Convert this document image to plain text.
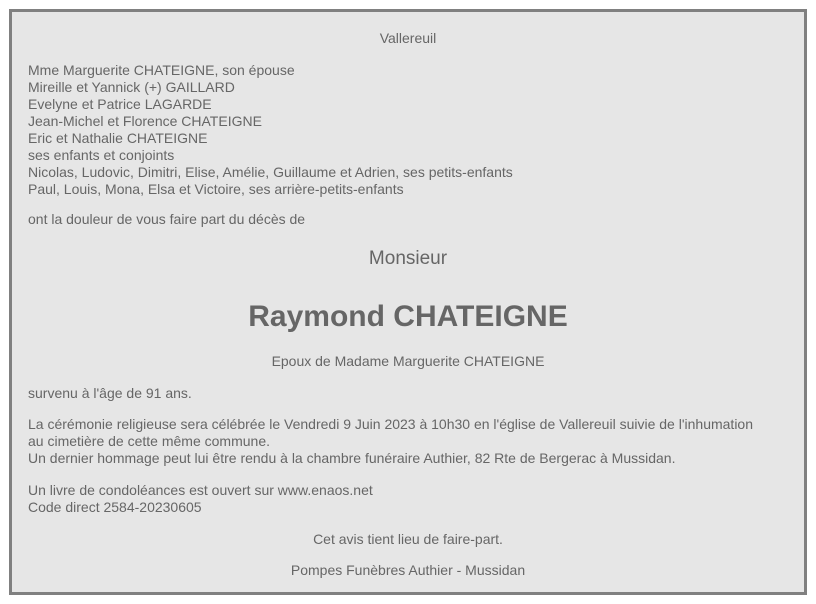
Vallereuil
Mme Marguerite CHATEIGNE, son épouse
Mireille et Yannick (+) GAILLARD
Evelyne et Patrice LAGARDE
Jean-Michel et Florence CHATEIGNE
Eric et Nathalie CHATEIGNE
ses enfants et conjoints
Nicolas, Ludovic, Dimitri, Elise, Amélie, Guillaume et Adrien, ses petits-enfants
Paul, Louis, Mona, Elsa et Victoire, ses arrière-petits-enfants
ont la douleur de vous faire part du décès de
Monsieur
Raymond CHATEIGNE
Epoux de Madame Marguerite CHATEIGNE
survenu à l'âge de 91 ans.
La cérémonie religieuse sera célébrée le Vendredi 9 Juin 2023 à 10h30 en l'église de Vallereuil suivie de l'inhumation
au cimetière de cette même commune.
Un dernier hommage peut lui être rendu à la chambre funéraire Authier, 82 Rte de Bergerac à Mussidan.
Un livre de condoléances est ouvert sur www.enaos.net
Code direct 2584-20230605
Cet avis tient lieu de faire-part.
Pompes Funèbres Authier - Mussidan
